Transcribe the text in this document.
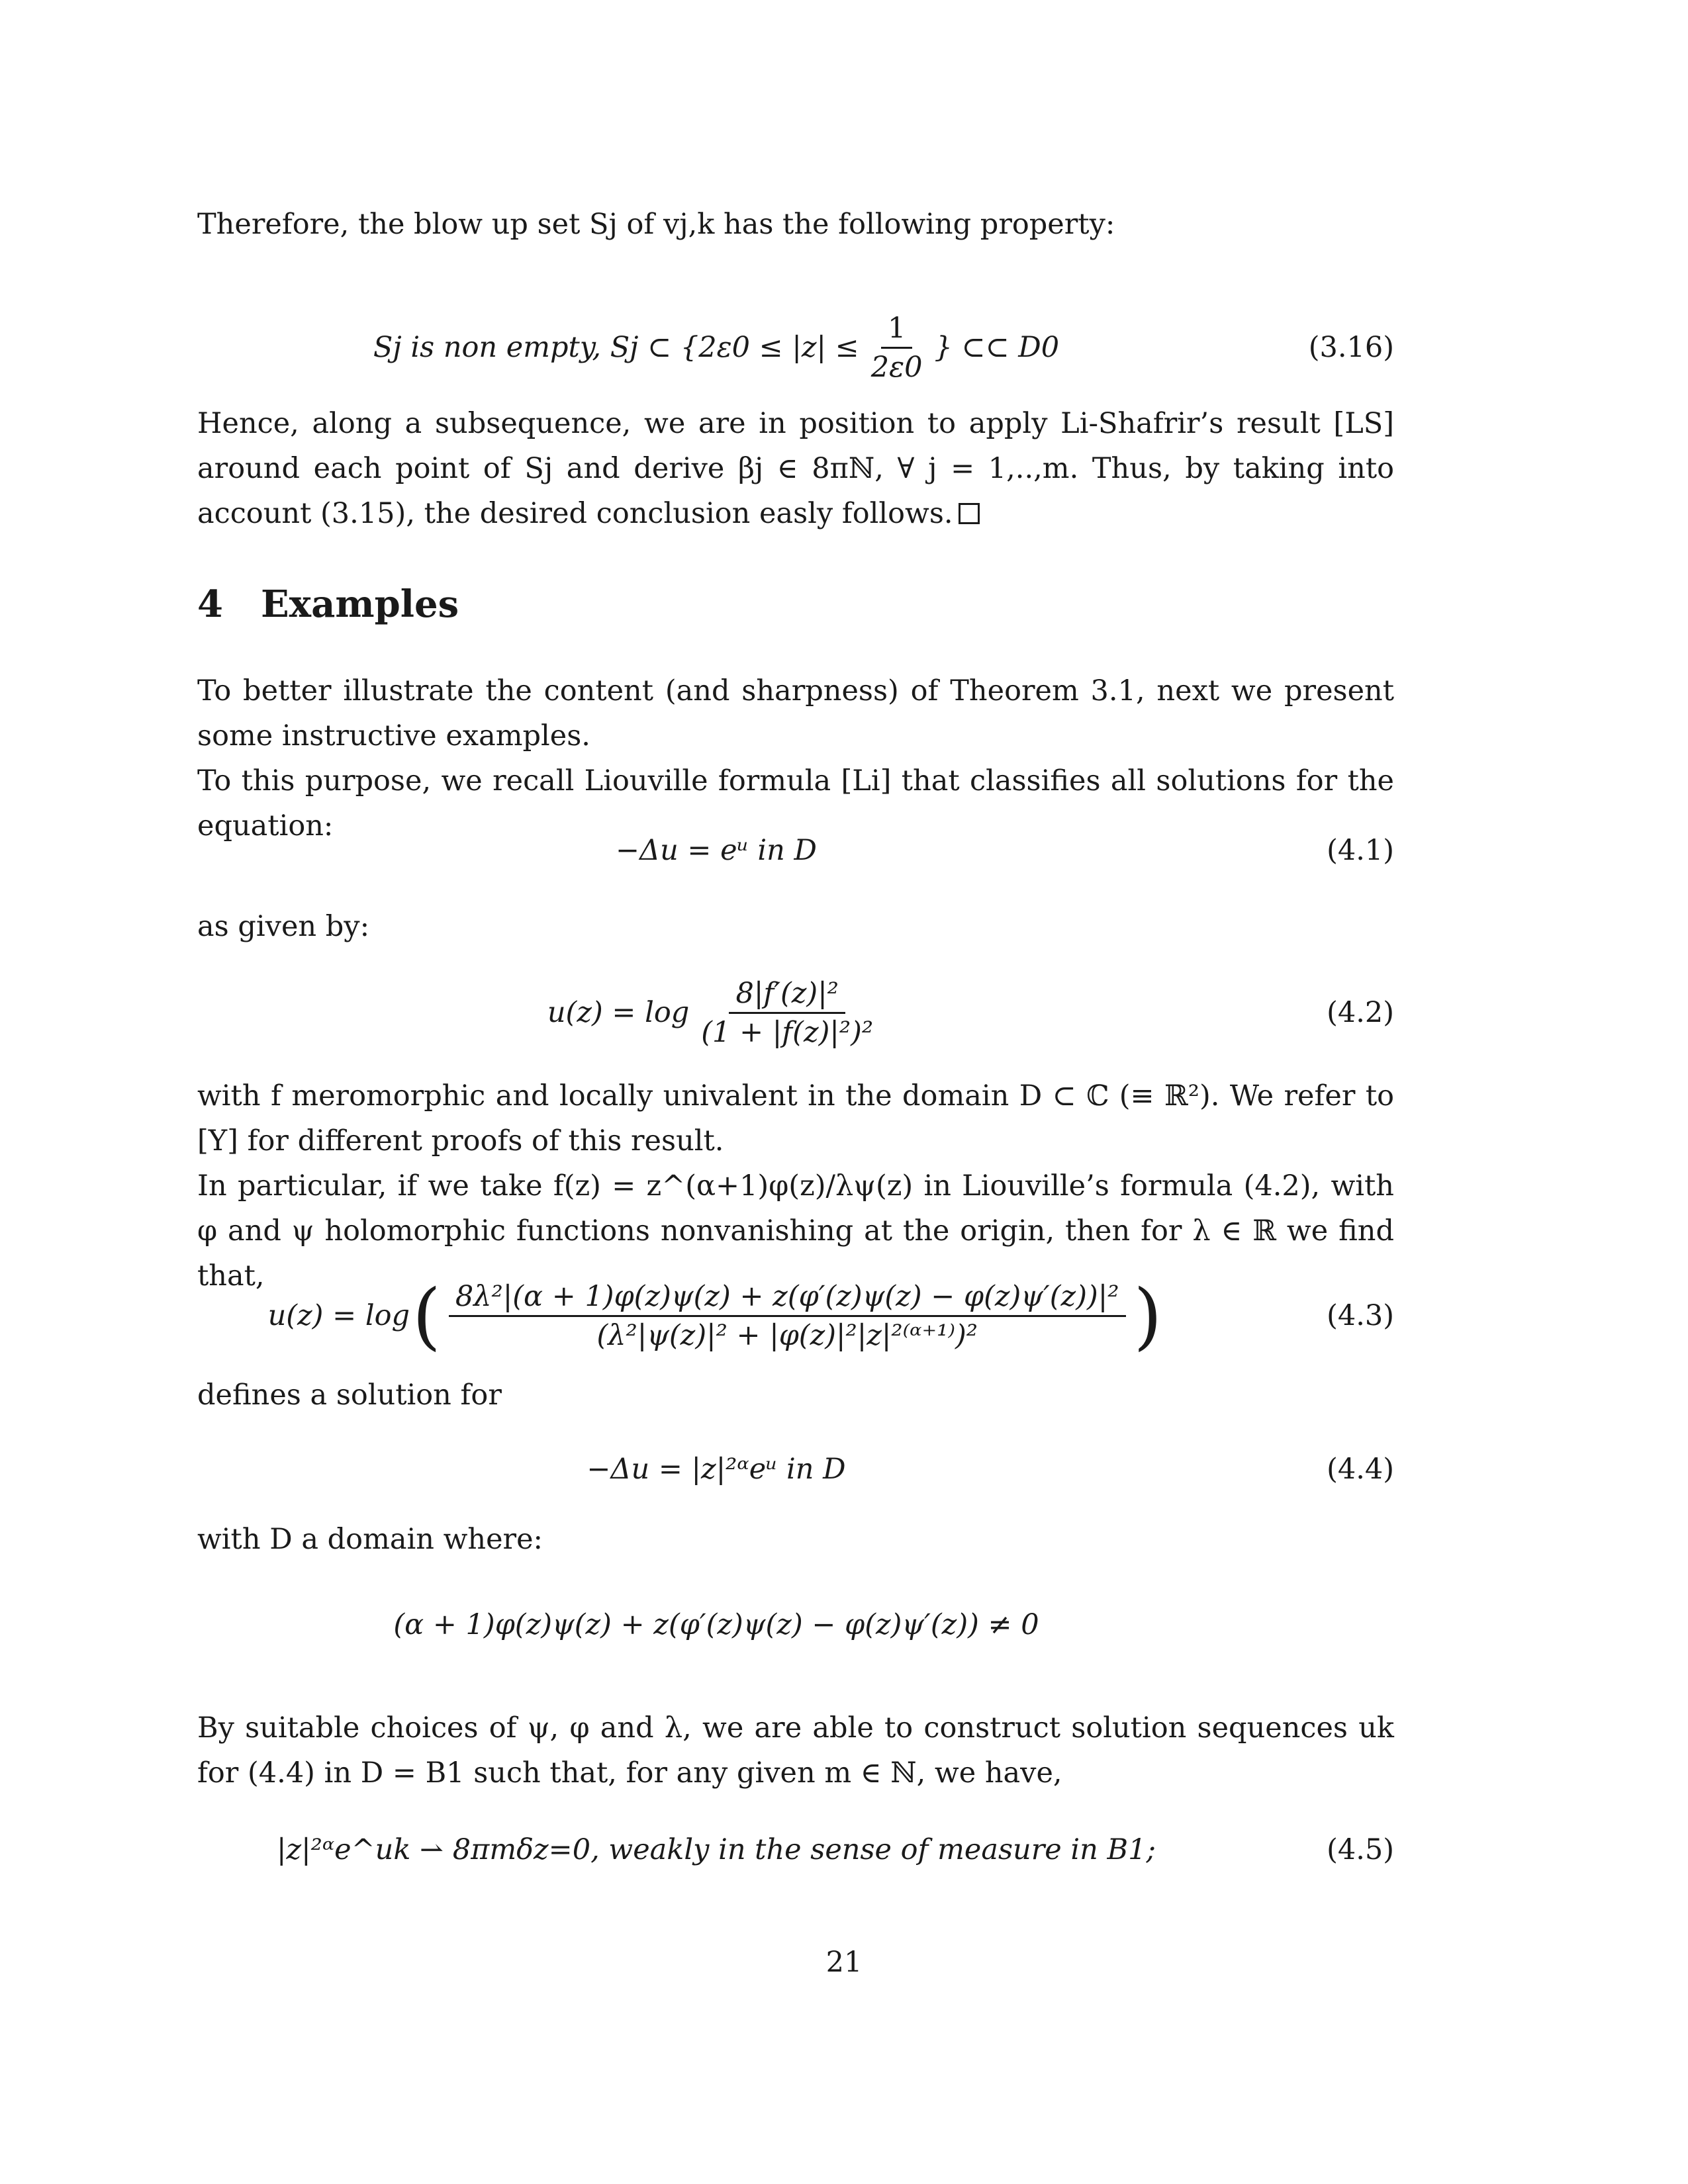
Therefore, the blow up set Sj of vj,k has the following property:
Sj is non empty, Sj ⊂ {$2\varepsilon 0 \le |z| \le \frac{1}{2\varepsilon 0}$ } ⊂⊂ D0	(3.16)
Hence, along a subsequence, we are in position to apply Li-Shafrir’s result [LS] around each point of Sj and derive βj ∈ 8πℕ, ∀ j = 1,..,m. Thus, by taking into account (3.15), the desired conclusion easly follows.
4 Examples
To better illustrate the content (and sharpness) of Theorem 3.1, next we present some instructive examples.
To this purpose, we recall Liouville formula [Li] that classifies all solutions for the equation:
−Δu = eᵘ in D	(4.1)
as given by:
$u(z) = \log \frac{\text{8|f′(z)|²}}{\text{(1 + |f(z)|²)²}}$	(4.2)
with f meromorphic and locally univalent in the domain D ⊂ ℂ (≡ ℝ²). We refer to [Y] for different proofs of this result.
In particular, if we take f(z) = z^(α+1)φ(z)/λψ(z) in Liouville’s formula (4.2), with φ and ψ holomorphic functions nonvanishing at the origin, then for λ ∈ ℝ we find that,
u(z) = log ( $\frac{\text{8λ²|(α + 1)φ(z)ψ(z) + z(φ′(z)ψ(z) − φ(z)ψ′(z))|²}}{\text{(λ²|ψ(z)|² + |φ(z)|²|z|²⁽ᵅ⁺¹⁾)²}}$ )	(4.3)
defines a solution for
−Δu = |z|²ᵅeᵘ in D	(4.4)
with D a domain where:
(α + 1)φ(z)ψ(z) + z(φ′(z)ψ(z) − φ(z)ψ′(z)) ≠ 0
By suitable choices of ψ, φ and λ, we are able to construct solution sequences uk for (4.4) in D = B1 such that, for any given m ∈ ℕ, we have,
|z|²ᵅe^uk ⇀ 8πmδz=0, weakly in the sense of measure in B1;	(4.5)
21
